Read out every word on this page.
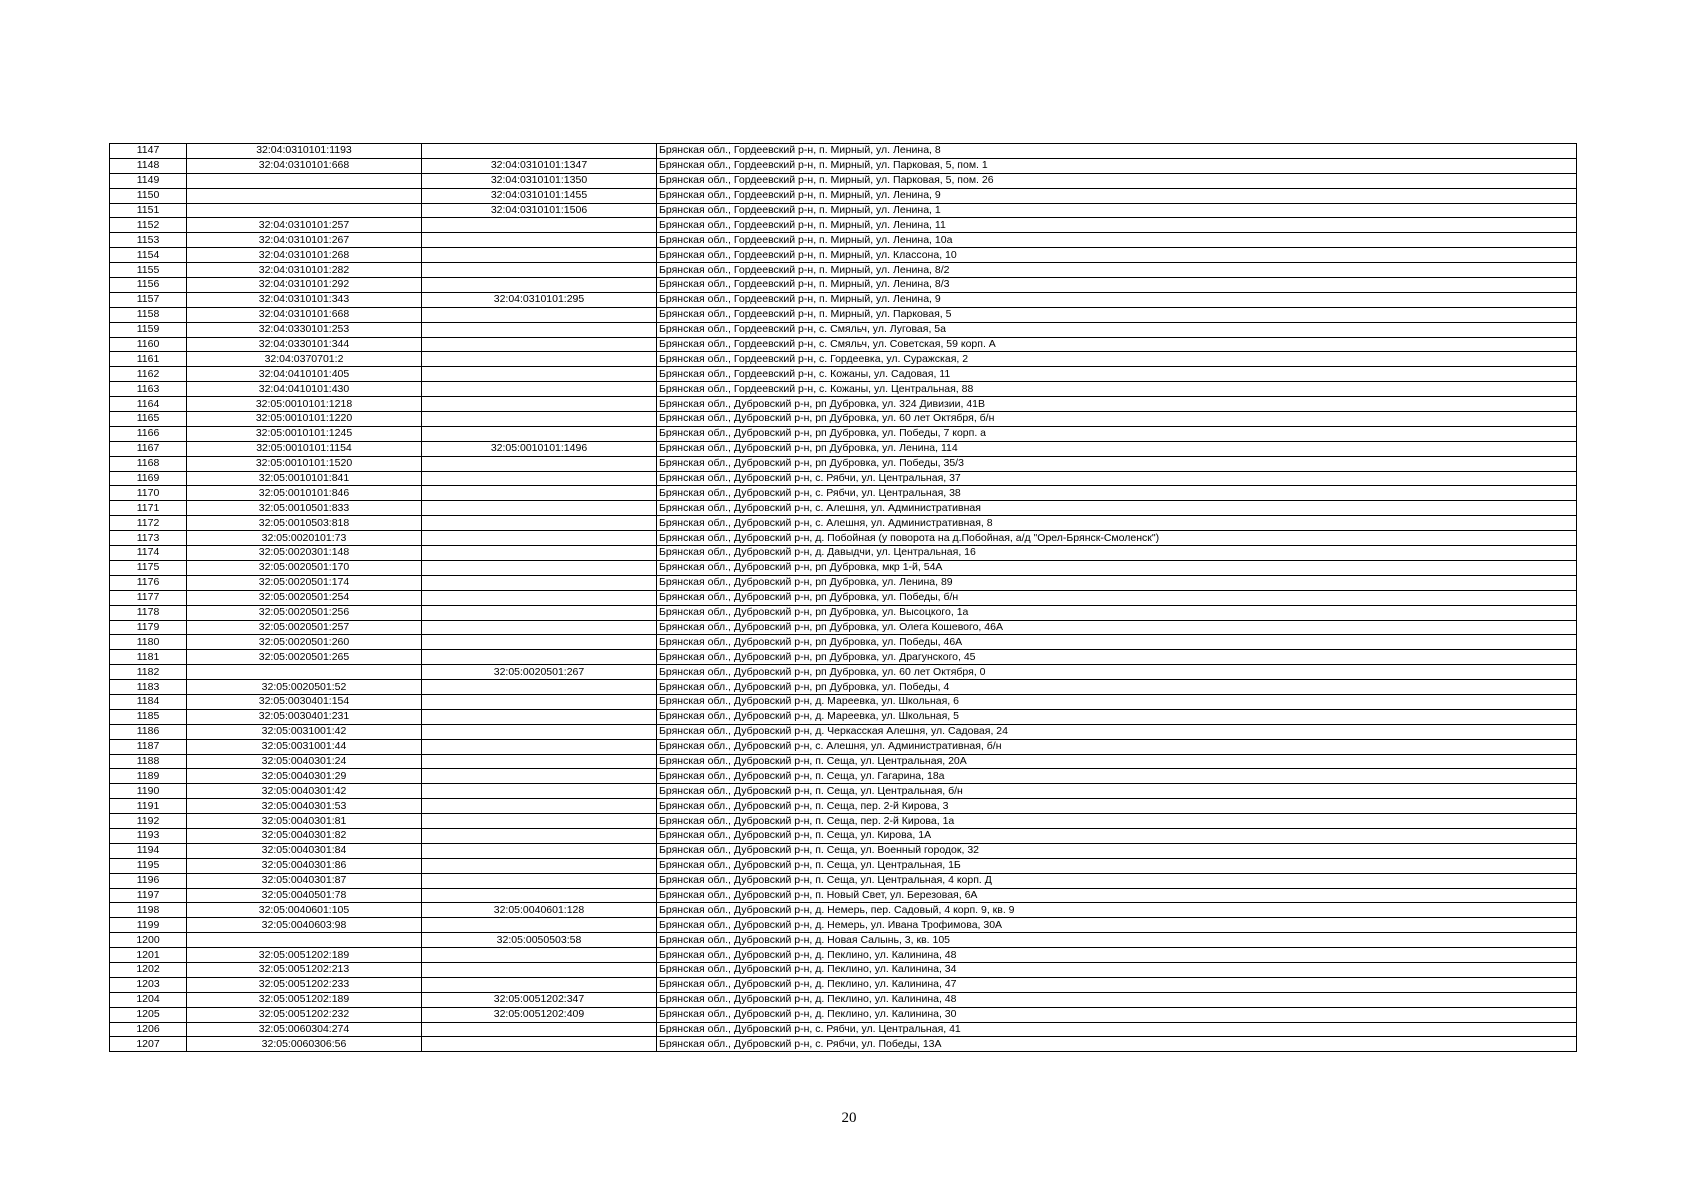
1147	32:04:0310101:1193		Брянская обл., Гордеевский р-н, п. Мирный, ул. Ленина, 8
1148	32:04:0310101:668	32:04:0310101:1347	Брянская обл., Гордеевский р-н, п. Мирный, ул. Парковая, 5, пом. 1
1149		32:04:0310101:1350	Брянская обл., Гордеевский р-н, п. Мирный, ул. Парковая, 5, пом. 26
1150		32:04:0310101:1455	Брянская обл., Гордеевский р-н, п. Мирный, ул. Ленина, 9
1151		32:04:0310101:1506	Брянская обл., Гордеевский р-н, п. Мирный, ул. Ленина, 1
1152	32:04:0310101:257		Брянская обл., Гордеевский р-н, п. Мирный, ул. Ленина, 11
1153	32:04:0310101:267		Брянская обл., Гордеевский р-н, п. Мирный, ул. Ленина, 10а
1154	32:04:0310101:268		Брянская обл., Гордеевский р-н, п. Мирный, ул. Классона, 10
1155	32:04:0310101:282		Брянская обл., Гордеевский р-н, п. Мирный, ул. Ленина, 8/2
1156	32:04:0310101:292		Брянская обл., Гордеевский р-н, п. Мирный, ул. Ленина, 8/3
1157	32:04:0310101:343	32:04:0310101:295	Брянская обл., Гордеевский р-н, п. Мирный, ул. Ленина, 9
1158	32:04:0310101:668		Брянская обл., Гордеевский р-н, п. Мирный, ул. Парковая, 5
1159	32:04:0330101:253		Брянская обл., Гордеевский р-н, с. Смяльч, ул. Луговая, 5а
1160	32:04:0330101:344		Брянская обл., Гордеевский р-н, с. Смяльч, ул. Советская, 59 корп. А
1161	32:04:0370701:2		Брянская обл., Гордеевский р-н, с. Гордеевка, ул. Суражская, 2
1162	32:04:0410101:405		Брянская обл., Гордеевский р-н, с. Кожаны, ул. Садовая, 11
1163	32:04:0410101:430		Брянская обл., Гордеевский р-н, с. Кожаны, ул. Центральная, 88
1164	32:05:0010101:1218		Брянская обл., Дубровский р-н, рп Дубровка, ул. 324 Дивизии, 41В
1165	32:05:0010101:1220		Брянская обл., Дубровский р-н, рп Дубровка, ул. 60 лет Октября, б/н
1166	32:05:0010101:1245		Брянская обл., Дубровский р-н, рп Дубровка, ул. Победы, 7 корп. а
1167	32:05:0010101:1154	32:05:0010101:1496	Брянская обл., Дубровский р-н, рп Дубровка, ул. Ленина, 114
1168	32:05:0010101:1520		Брянская обл., Дубровский р-н, рп Дубровка, ул. Победы, 35/3
1169	32:05:0010101:841		Брянская обл., Дубровский р-н, с. Рябчи, ул. Центральная, 37
1170	32:05:0010101:846		Брянская обл., Дубровский р-н, с. Рябчи, ул. Центральная, 38
1171	32:05:0010501:833		Брянская обл., Дубровский р-н, с. Алешня, ул. Административная
1172	32:05:0010503:818		Брянская обл., Дубровский р-н, с. Алешня, ул. Административная, 8
1173	32:05:0020101:73		Брянская обл., Дубровский р-н, д. Побойная (у поворота на д.Побойная, а/д "Орел-Брянск-Смоленск")
1174	32:05:0020301:148		Брянская обл., Дубровский р-н, д. Давыдчи, ул. Центральная, 16
1175	32:05:0020501:170		Брянская обл., Дубровский р-н, рп Дубровка, мкр 1-й, 54А
1176	32:05:0020501:174		Брянская обл., Дубровский р-н, рп Дубровка, ул. Ленина, 89
1177	32:05:0020501:254		Брянская обл., Дубровский р-н, рп Дубровка, ул. Победы, б/н
1178	32:05:0020501:256		Брянская обл., Дубровский р-н, рп Дубровка, ул. Высоцкого, 1а
1179	32:05:0020501:257		Брянская обл., Дубровский р-н, рп Дубровка, ул. Олега Кошевого, 46А
1180	32:05:0020501:260		Брянская обл., Дубровский р-н, рп Дубровка, ул. Победы, 46А
1181	32:05:0020501:265		Брянская обл., Дубровский р-н, рп Дубровка, ул. Драгунского, 45
1182		32:05:0020501:267	Брянская обл., Дубровский р-н, рп Дубровка, ул. 60 лет Октября, 0
1183	32:05:0020501:52		Брянская обл., Дубровский р-н, рп Дубровка, ул. Победы, 4
1184	32:05:0030401:154		Брянская обл., Дубровский р-н, д. Мареевка, ул. Школьная, 6
1185	32:05:0030401:231		Брянская обл., Дубровский р-н, д. Мареевка, ул. Школьная, 5
1186	32:05:0031001:42		Брянская обл., Дубровский р-н, д. Черкасская Алешня, ул. Садовая, 24
1187	32:05:0031001:44		Брянская обл., Дубровский р-н, с. Алешня, ул. Административная, б/н
1188	32:05:0040301:24		Брянская обл., Дубровский р-н, п. Сеща, ул. Центральная, 20А
1189	32:05:0040301:29		Брянская обл., Дубровский р-н, п. Сеща, ул. Гагарина, 18а
1190	32:05:0040301:42		Брянская обл., Дубровский р-н, п. Сеща, ул. Центральная, б/н
1191	32:05:0040301:53		Брянская обл., Дубровский р-н, п. Сеща, пер. 2-й Кирова, 3
1192	32:05:0040301:81		Брянская обл., Дубровский р-н, п. Сеща, пер. 2-й Кирова, 1а
1193	32:05:0040301:82		Брянская обл., Дубровский р-н, п. Сеща, ул. Кирова, 1А
1194	32:05:0040301:84		Брянская обл., Дубровский р-н, п. Сеща, ул. Военный городок, 32
1195	32:05:0040301:86		Брянская обл., Дубровский р-н, п. Сеща, ул. Центральная, 1Б
1196	32:05:0040301:87		Брянская обл., Дубровский р-н, п. Сеща, ул. Центральная, 4 корп. Д
1197	32:05:0040501:78		Брянская обл., Дубровский р-н, п. Новый Свет, ул. Березовая, 6А
1198	32:05:0040601:105	32:05:0040601:128	Брянская обл., Дубровский р-н, д. Немерь, пер. Садовый, 4 корп. 9, кв. 9
1199	32:05:0040603:98		Брянская обл., Дубровский р-н, д. Немерь, ул. Ивана Трофимова, 30А
1200		32:05:0050503:58	Брянская обл., Дубровский р-н, д. Новая Салынь, 3, кв. 105
1201	32:05:0051202:189		Брянская обл., Дубровский р-н, д. Пеклино, ул. Калинина, 48
1202	32:05:0051202:213		Брянская обл., Дубровский р-н, д. Пеклино, ул. Калинина, 34
1203	32:05:0051202:233		Брянская обл., Дубровский р-н, д. Пеклино, ул. Калинина, 47
1204	32:05:0051202:189	32:05:0051202:347	Брянская обл., Дубровский р-н, д. Пеклино, ул. Калинина, 48
1205	32:05:0051202:232	32:05:0051202:409	Брянская обл., Дубровский р-н, д. Пеклино, ул. Калинина, 30
1206	32:05:0060304:274		Брянская обл., Дубровский р-н, с. Рябчи, ул. Центральная, 41
1207	32:05:0060306:56		Брянская обл., Дубровский р-н, с. Рябчи, ул. Победы, 13А
20
